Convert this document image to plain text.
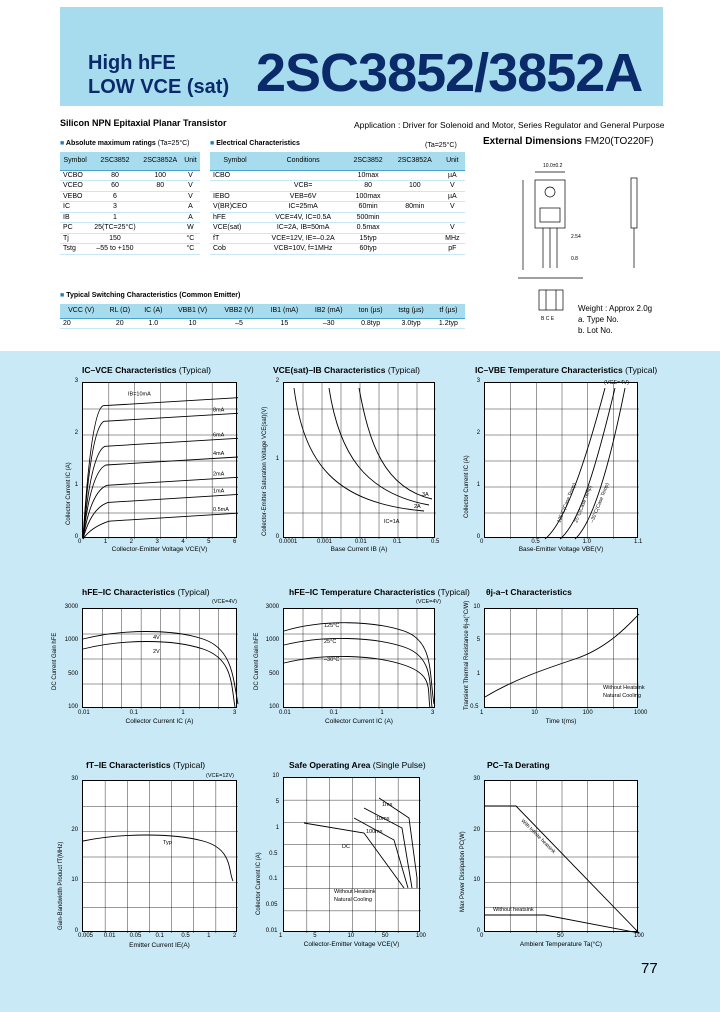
High hFE
LOW VCE (sat) 2SC3852/3852A
Silicon NPN Epitaxial Planar Transistor	Application : Driver for Solenoid and Motor, Series Regulator and General Purpose
■ Absolute maximum ratings (Ta=25°C)
Symbol	2SC3852	2SC3852A	Unit
VCBO	80	100	V
VCEO	60	80	V
VEBO	6		V
IC	3		A
IB	1		A
PC	25(TC=25°C)		W
Tj	150		°C
Tstg	–55 to +150		°C
■ Electrical Characteristics	(Ta=25°C)
Symbol	Conditions	2SC3852	2SC3852A	Unit
ICBO		10max		µA
	VCB=	80	100	V
IEBO	VEB=6V	100max		µA
V(BR)CEO	IC=25mA	60min	80min	V
hFE	VCE=4V, IC=0.5A	500min		
VCE(sat)	IC=2A, IB=50mA	0.5max		V
fT	VCE=12V, IE=–0.2A	15typ		MHz
Cob	VCB=10V, f=1MHz	60typ		pF
■ Typical Switching Characteristics (Common Emitter)
VCC (V)	RL (Ω)	IC (A)	VBB1 (V)	VBB2 (V)	IB1 (mA)	IB2 (mA)	ton (µs)	tstg (µs)	tf (µs)
20	20	1.0	10	–5	15	–30	0.8typ	3.0typ	1.2typ
External Dimensions FM20(TO220F)
10.0±0.2
2.54
0.8
B C E
Weight : Approx 2.0g
a. Type No.
b. Lot No.
IC–VCE Characteristics (Typical)
IB=10mA
8mA
6mA
4mA
2mA
1mA
0.5mA
Collector-Emitter Voltage VCE(V)
Collector Current IC (A)
VCE(sat)–IB Characteristics (Typical)
3A
2A
IC=1A
Base Current IB (A)
Collector-Emitter Saturation Voltage VCE(sat)(V)
IC–VBE Temperature Characteristics (Typical)
125°C(Case Temp)
25°C(Case Temp)
–30°C(Case Temp)
(VCE=4V)
Base-Emitter Voltage VBE(V)
Collector Current IC (A)
hFE–IC Characteristics (Typical)
4V
2V
(VCE=4V)
Collector Current IC (A)
DC Current Gain hFE
hFE–IC Temperature Characteristics (Typical)
125°C
25°C
–30°C
(VCE=4V)
Collector Current IC (A)
DC Current Gain hFE
θj-a–t Characteristics
Without Heatsink
Natural Cooling
Time t(ms)
Transient Thermal Resistance θj-a(°C/W)
fT–IE Characteristics (Typical)
Typ
(VCE=12V)
Emitter Current IE(A)
Gain-Bandwidth Product fT(MHz)
Safe Operating Area (Single Pulse)
1ms
10ms
100ms
DC
Without Heatsink
Natural Cooling
Collector-Emitter Voltage VCE(V)
Collector Current IC (A)
PC–Ta Derating
With Infinite heatsink
Without heatsink
Ambient Temperature Ta(°C)
Max Power Dissipation PC(W)
77
0	1	2	3	4	5	6
0
1
2
3
0.0001	0.001	0.01	0.1	0.5
0
1
2
0	0.5	1.0	1.1
0
1
2
3
0.01	0.1	1	3
100
500
1000
3000
0.01	0.1	1	3
100
500
1000
3000
1	10	100	1000
0.5
1
5
10
0.005 0.01 0.05 0.1	0.5	1	2
0
10
20
30
1	5	10	50	100
0.01
0.05
0.1
0.5
1
5
10
0	50	100
0
10
20
30
